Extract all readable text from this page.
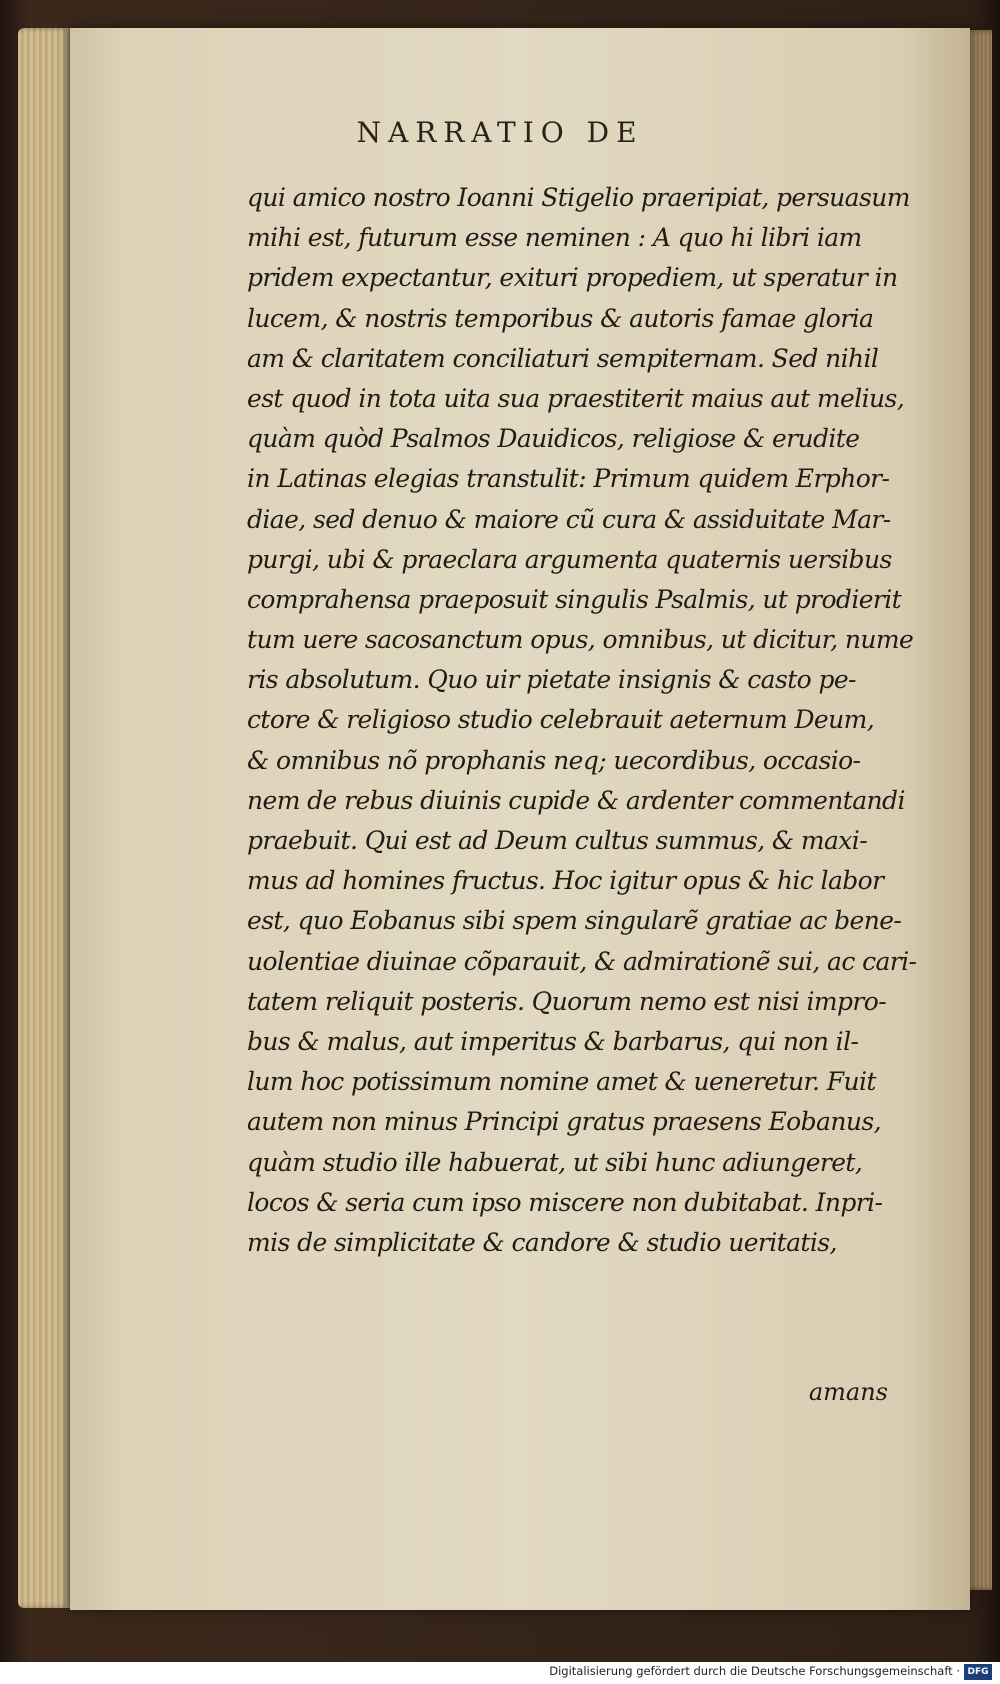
NARRATIO DE
qui amico nostro Ioanni Stigelio praeripiat, persuasum
mihi est, futurum esse neminen : A quo hi libri iam
pridem expectantur, exituri propediem, ut speratur in
lucem, & nostris temporibus & autoris famae gloria
am & claritatem conciliaturi sempiternam. Sed nihil
est quod in tota uita sua praestiterit maius aut melius,
quàm quòd Psalmos Dauidicos, religiose & erudite
in Latinas elegias transtulit: Primum quidem Erphor-
diae, sed denuo & maiore cũ cura & assiduitate Mar-
purgi, ubi & praeclara argumenta quaternis uersibus
comprahensa praeposuit singulis Psalmis, ut prodierit
tum uere sacosanctum opus, omnibus, ut dicitur, nume
ris absolutum. Quo uir pietate insignis & casto pe-
ctore & religioso studio celebrauit aeternum Deum,
& omnibus nõ prophanis neq; uecordibus, occasio-
nem de rebus diuinis cupide & ardenter commentandi
praebuit. Qui est ad Deum cultus summus, & maxi-
mus ad homines fructus. Hoc igitur opus & hic labor
est, quo Eobanus sibi spem singularẽ gratiae ac bene-
uolentiae diuinae cõparauit, & admirationẽ sui, ac cari-
tatem reliquit posteris. Quorum nemo est nisi impro-
bus & malus, aut imperitus & barbarus, qui non il-
lum hoc potissimum nomine amet & ueneretur. Fuit
autem non minus Principi gratus praesens Eobanus,
quàm studio ille habuerat, ut sibi hunc adiungeret,
locos & seria cum ipso miscere non dubitabat. Inpri-
mis de simplicitate & candore & studio ueritatis,
amans
Digitalisierung gefördert durch die Deutsche Forschungsgemeinschaft · DFG
